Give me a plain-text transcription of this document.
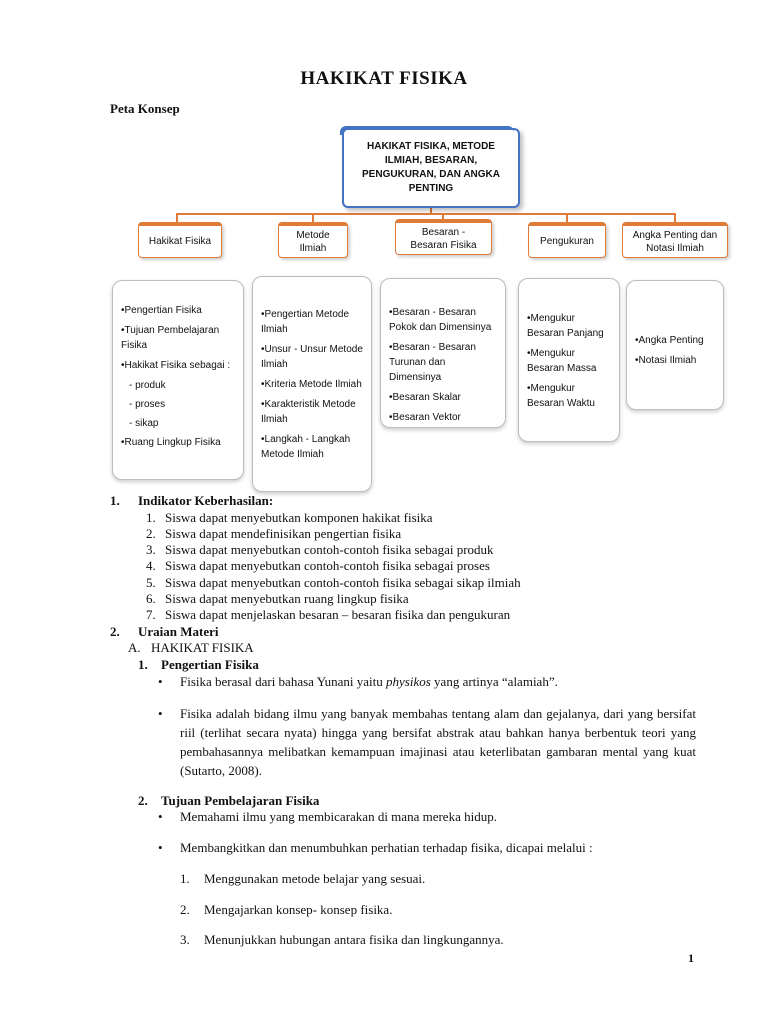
HAKIKAT FISIKA
Peta Konsep
HAKIKAT FISIKA, METODE ILMIAH, BESARAN, PENGUKURAN, DAN ANGKA PENTING
Hakikat Fisika
Metode Ilmiah
Besaran - Besaran Fisika	Pengukuran
Angka Penting dan Notasi Ilmiah
• Pengertian Fisika
• Tujuan Pembelajaran Fisika
• Hakikat Fisika sebagai :
- produk
- proses
- sikap
• Ruang Lingkup Fisika
• Pengertian Metode Ilmiah
• Unsur - Unsur Metode Ilmiah
• Kriteria Metode Ilmiah
• Karakteristik Metode Ilmiah
• Langkah - Langkah Metode Ilmiah
• Besaran - Besaran Pokok dan Dimensinya
• Besaran - Besaran Turunan dan Dimensinya
• Besaran Skalar
• Besaran Vektor
• Mengukur Besaran Panjang
• Mengukur Besaran Massa
• Mengukur Besaran Waktu
• Angka Penting
• Notasi Ilmiah
1. Indikator Keberhasilan:
1. Siswa dapat menyebutkan komponen hakikat fisika
2. Siswa dapat mendefinisikan pengertian fisika
3. Siswa dapat menyebutkan contoh-contoh fisika sebagai produk
4. Siswa dapat menyebutkan contoh-contoh fisika sebagai proses
5. Siswa dapat menyebutkan contoh-contoh fisika sebagai sikap ilmiah
6. Siswa dapat menyebutkan ruang lingkup fisika
7. Siswa dapat menjelaskan besaran – besaran fisika dan pengukuran
2. Uraian Materi
A. HAKIKAT FISIKA
1. Pengertian Fisika
• Fisika berasal dari bahasa Yunani yaitu physikos yang artinya “alamiah”.
• Fisika adalah bidang ilmu yang banyak membahas tentang alam dan gejalanya, dari yang bersifat riil (terlihat secara nyata) hingga yang bersifat abstrak atau bahkan hanya berbentuk teori yang pembahasannya melibatkan kemampuan imajinasi atau keterlibatan gambaran mental yang kuat (Sutarto, 2008).
2. Tujuan Pembelajaran Fisika
• Memahami ilmu yang membicarakan di mana mereka hidup.
• Membangkitkan dan menumbuhkan perhatian terhadap fisika, dicapai melalui :
1. Menggunakan metode belajar yang sesuai.
2. Mengajarkan konsep- konsep fisika.
3. Menunjukkan hubungan antara fisika dan lingkungannya.
1
